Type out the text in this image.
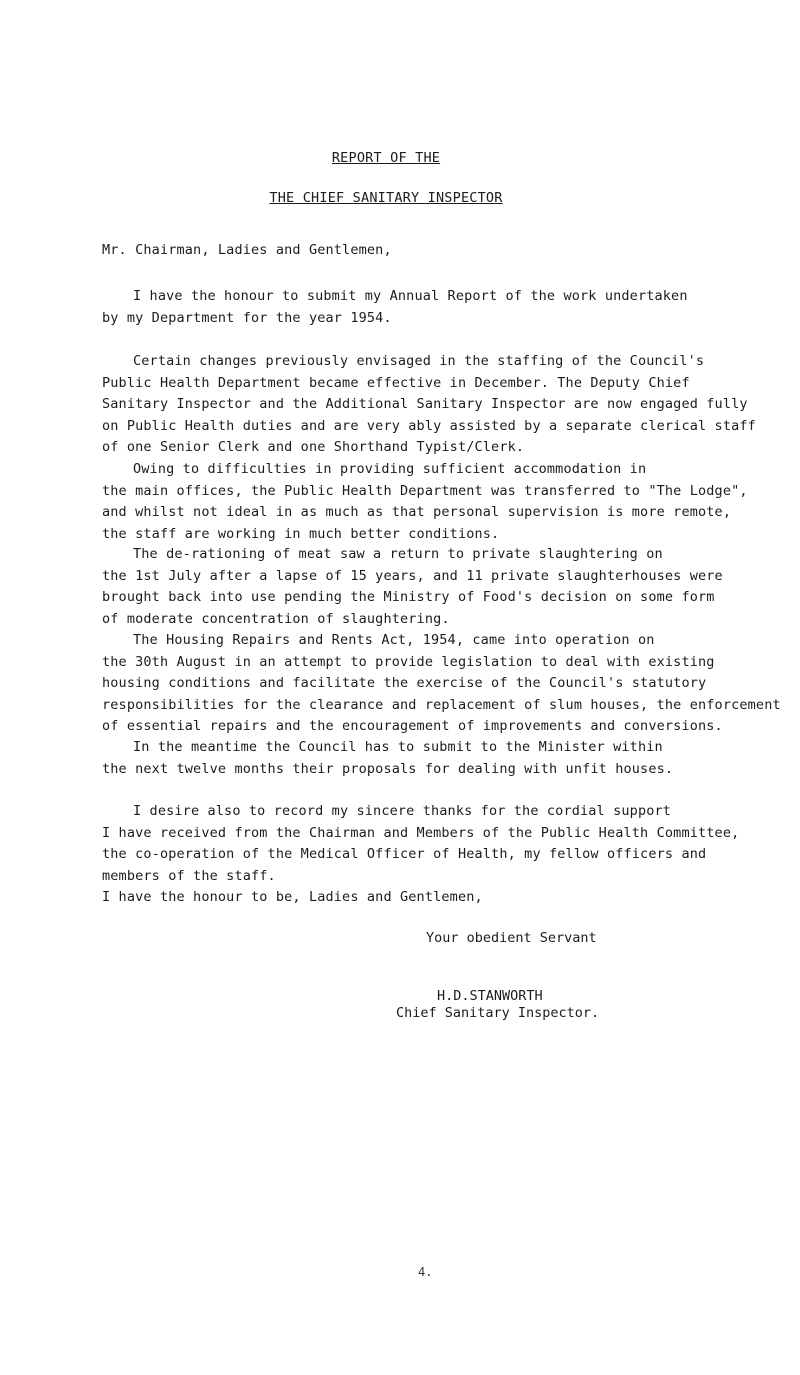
REPORT OF THE
THE CHIEF SANITARY INSPECTOR
Mr. Chairman, Ladies and Gentlemen,
I have the honour to submit my Annual Report of the work undertaken
by my Department for the year 1954.
Certain changes previously envisaged in the staffing of the Council's
Public Health Department became effective in December. The Deputy Chief
Sanitary Inspector and the Additional Sanitary Inspector are now engaged fully
on Public Health duties and are very ably assisted by a separate clerical staff
of one Senior Clerk and one Shorthand Typist/Clerk.
Owing to difficulties in providing sufficient accommodation in
the main offices, the Public Health Department was transferred to "The Lodge",
and whilst not ideal in as much as that personal supervision is more remote,
the staff are working in much better conditions.
The de-rationing of meat saw a return to private slaughtering on
the 1st July after a lapse of 15 years, and 11 private slaughterhouses were
brought back into use pending the Ministry of Food's decision on some form
of moderate concentration of slaughtering.
The Housing Repairs and Rents Act, 1954, came into operation on
the 30th August in an attempt to provide legislation to deal with existing
housing conditions and facilitate the exercise of the Council's statutory
responsibilities for the clearance and replacement of slum houses, the enforcement
of essential repairs and the encouragement of improvements and conversions.
In the meantime the Council has to submit to the Minister within
the next twelve months their proposals for dealing with unfit houses.
I desire also to record my sincere thanks for the cordial support
I have received from the Chairman and Members of the Public Health Committee,
the co-operation of the Medical Officer of Health, my fellow officers and
members of the staff.
I have the honour to be, Ladies and Gentlemen,
Your obedient Servant
H.D.STANWORTH
Chief Sanitary Inspector.
4.
